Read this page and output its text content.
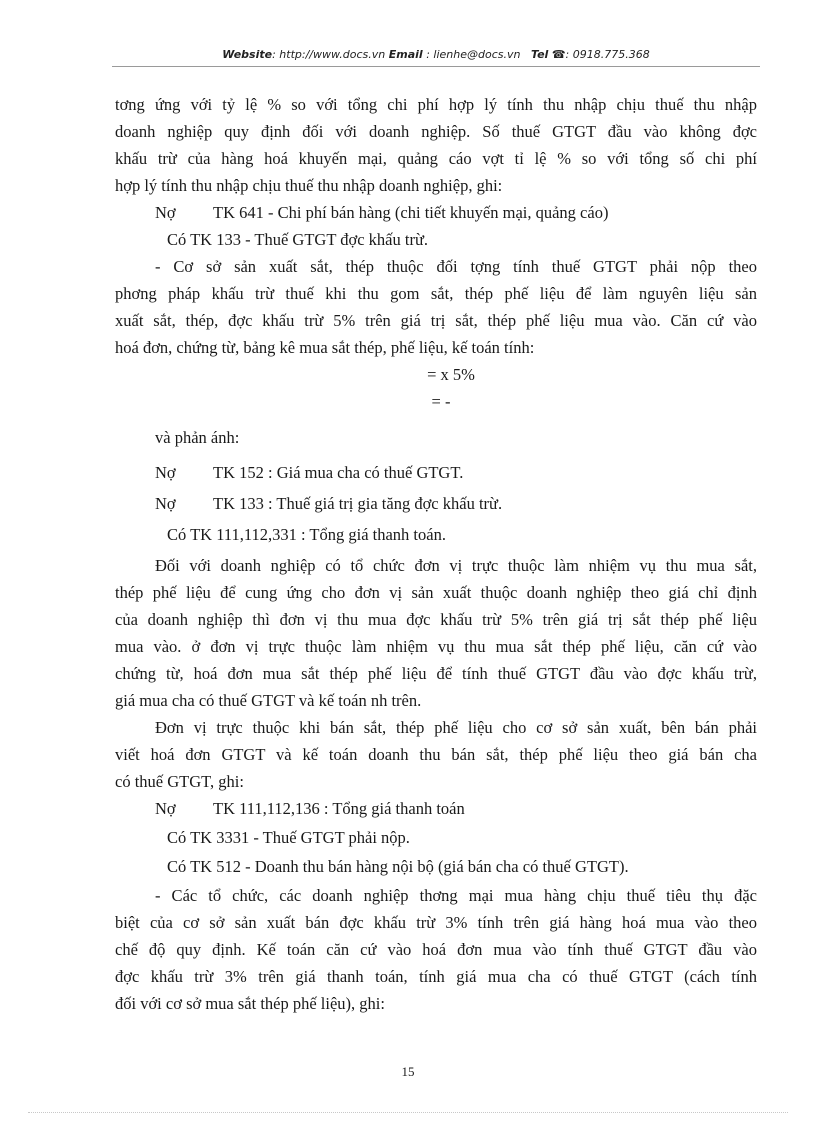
Website: http://www.docs.vn Email : lienhe@docs.vn Tel ☎: 0918.775.368
tơng ứng với tỷ lệ % so với tổng chi phí hợp lý tính thu nhập chịu thuế thu nhập
doanh nghiệp quy định đối với doanh nghiệp. Số thuế GTGT đầu vào không đợc
khấu trừ của hàng hoá khuyến mại, quảng cáo vợt tỉ lệ % so với tổng số chi phí
hợp lý tính thu nhập chịu thuế thu nhập doanh nghiệp, ghi:
Nợ TK 641 - Chi phí bán hàng (chi tiết khuyến mại, quảng cáo)
Có TK 133 - Thuế GTGT đợc khấu trừ.
- Cơ sở sản xuất sắt, thép thuộc đối tợng tính thuế GTGT phải nộp theo
phơng pháp khấu trừ thuế khi thu gom sắt, thép phế liệu để làm nguyên liệu sản
xuất sắt, thép, đợc khấu trừ 5% trên giá trị sắt, thép phế liệu mua vào. Căn cứ vào
hoá đơn, chứng từ, bảng kê mua sắt thép, phế liệu, kế toán tính:
= x 5%
= -
và phản ánh:
Nợ TK 152 : Giá mua cha có thuế GTGT.
Nợ TK 133 : Thuế giá trị gia tăng đợc khấu trừ.
Có TK 111,112,331 : Tổng giá thanh toán.
Đối với doanh nghiệp có tổ chức đơn vị trực thuộc làm nhiệm vụ thu mua sắt,
thép phế liệu để cung ứng cho đơn vị sản xuất thuộc doanh nghiệp theo giá chỉ định
của doanh nghiệp thì đơn vị thu mua đợc khấu trừ 5% trên giá trị sắt thép phế liệu
mua vào. ở đơn vị trực thuộc làm nhiệm vụ thu mua sắt thép phế liệu, căn cứ vào
chứng từ, hoá đơn mua sắt thép phế liệu để tính thuế GTGT đầu vào đợc khấu trừ,
giá mua cha có thuế GTGT và kế toán nh trên.
Đơn vị trực thuộc khi bán sắt, thép phế liệu cho cơ sở sản xuất, bên bán phải
viết hoá đơn GTGT và kế toán doanh thu bán sắt, thép phế liệu theo giá bán cha
có thuế GTGT, ghi:
Nợ TK 111,112,136 : Tổng giá thanh toán
Có TK 3331 - Thuế GTGT phải nộp.
Có TK 512 - Doanh thu bán hàng nội bộ (giá bán cha có thuế GTGT).
- Các tổ chức, các doanh nghiệp thơng mại mua hàng chịu thuế tiêu thụ đặc
biệt của cơ sở sản xuất bán đợc khấu trừ 3% tính trên giá hàng hoá mua vào theo
chế độ quy định. Kế toán căn cứ vào hoá đơn mua vào tính thuế GTGT đầu vào
đợc khấu trừ 3% trên giá thanh toán, tính giá mua cha có thuế GTGT (cách tính
đối với cơ sở mua sắt thép phế liệu), ghi:
15
